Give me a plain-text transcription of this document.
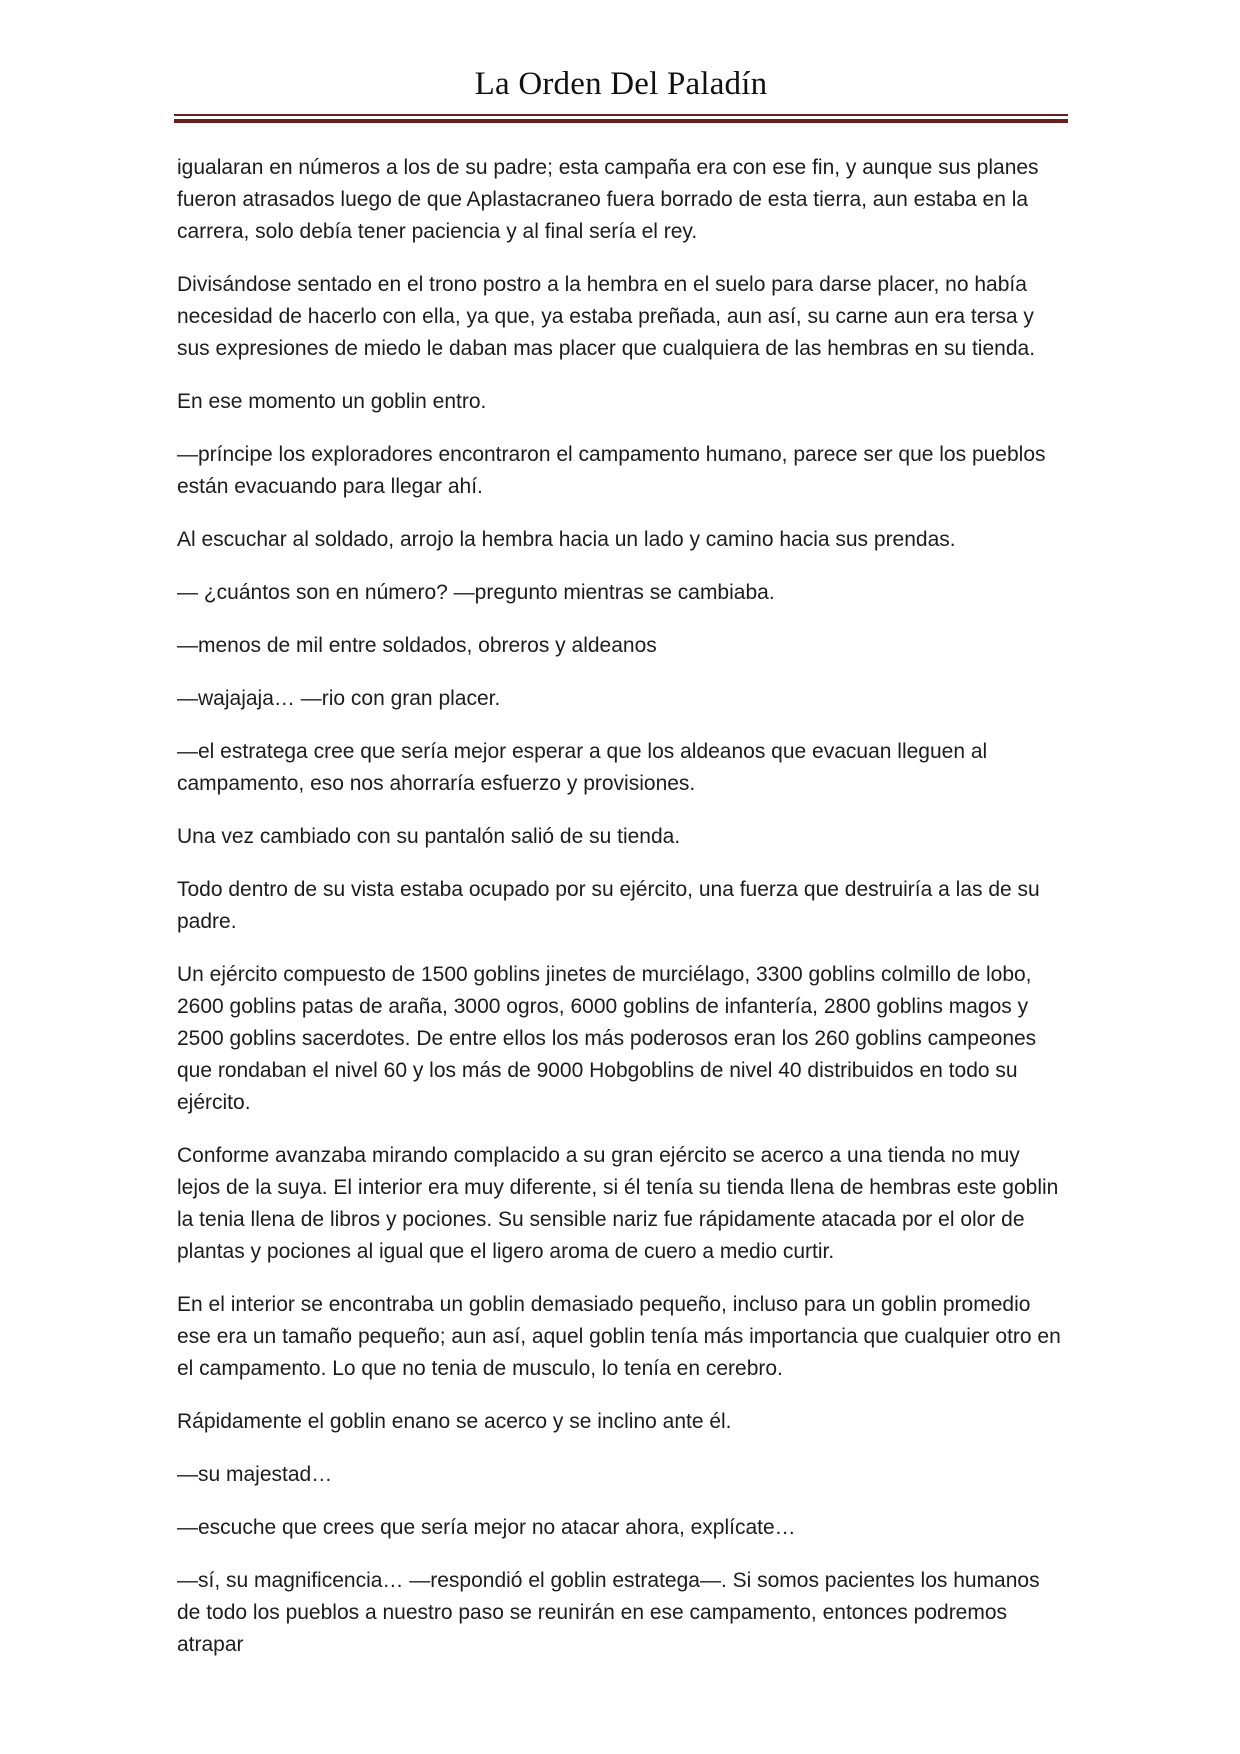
La Orden Del Paladín

igualaran en números a los de su padre; esta campaña era con ese fin, y aunque sus planes fueron atrasados luego de que Aplastacraneo fuera borrado de esta tierra, aun estaba en la carrera, solo debía tener paciencia y al final sería el rey.

Divisándose sentado en el trono postro a la hembra en el suelo para darse placer, no había necesidad de hacerlo con ella, ya que, ya estaba preñada, aun así, su carne aun era tersa y sus expresiones de miedo le daban mas placer que cualquiera de las hembras en su tienda.

En ese momento un goblin entro.

—príncipe los exploradores encontraron el campamento humano, parece ser que los pueblos están evacuando para llegar ahí.

Al escuchar al soldado, arrojo la hembra hacia un lado y camino hacia sus prendas.

— ¿cuántos son en número? —pregunto mientras se cambiaba.

—menos de mil entre soldados, obreros y aldeanos

—wajajaja… —rio con gran placer.

—el estratega cree que sería mejor esperar a que los aldeanos que evacuan lleguen al campamento, eso nos ahorraría esfuerzo y provisiones.

Una vez cambiado con su pantalón salió de su tienda.

Todo dentro de su vista estaba ocupado por su ejército, una fuerza que destruiría a las de su padre.

Un ejército compuesto de 1500 goblins jinetes de murciélago, 3300 goblins colmillo de lobo, 2600 goblins patas de araña, 3000 ogros, 6000 goblins de infantería, 2800 goblins magos y 2500 goblins sacerdotes. De entre ellos los más poderosos eran los 260 goblins campeones que rondaban el nivel 60 y los más de 9000 Hobgoblins de nivel 40 distribuidos en todo su ejército.

Conforme avanzaba mirando complacido a su gran ejército se acerco a una tienda no muy lejos de la suya. El interior era muy diferente, si él tenía su tienda llena de hembras este goblin la tenia llena de libros y pociones. Su sensible nariz fue rápidamente atacada por el olor de plantas y pociones al igual que el ligero aroma de cuero a medio curtir.

En el interior se encontraba un goblin demasiado pequeño, incluso para un goblin promedio ese era un tamaño pequeño; aun así, aquel goblin tenía más importancia que cualquier otro en el campamento. Lo que no tenia de musculo, lo tenía en cerebro.

Rápidamente el goblin enano se acerco y se inclino ante él.

—su majestad…

—escuche que crees que sería mejor no atacar ahora, explícate…

—sí, su magnificencia… —respondió el goblin estratega—. Si somos pacientes los humanos de todo los pueblos a nuestro paso se reunirán en ese campamento, entonces podremos atrapar
